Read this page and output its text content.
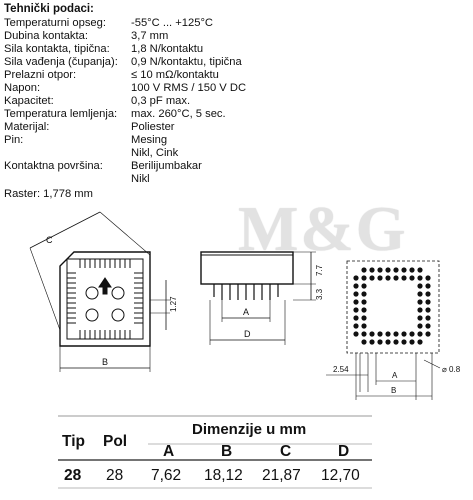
Tehnički podaci:
Temperaturni opseg:	-55°C ... +125°C
Dubina kontakta:	3,7 mm
Sila kontakta, tipična:	1,8 N/kontaktu
Sila vađenja (čupanja):	0,9 N/kontaktu, tipična
Prelazni otpor:	≤ 10 mΩ/kontaktu
Napon:	100 V RMS / 150 V DC
Kapacitet:	0,3 pF max.
Temperatura lemljenja:	max. 260°C, 5 sec.
Materijal:	Poliester
Pin:	Mesing
Nikl, Cink
Kontaktna površina:	Berilijumbakar
Nikl
Raster: 1,778 mm M&G
C
B
1.27	A
D
7.7
3.3
2.54
A
B
⌀ 0.8
Tip Pol
Dimenzije u mm
A	B	C	D
28 28 7,62 18,12 21,87 12,70
